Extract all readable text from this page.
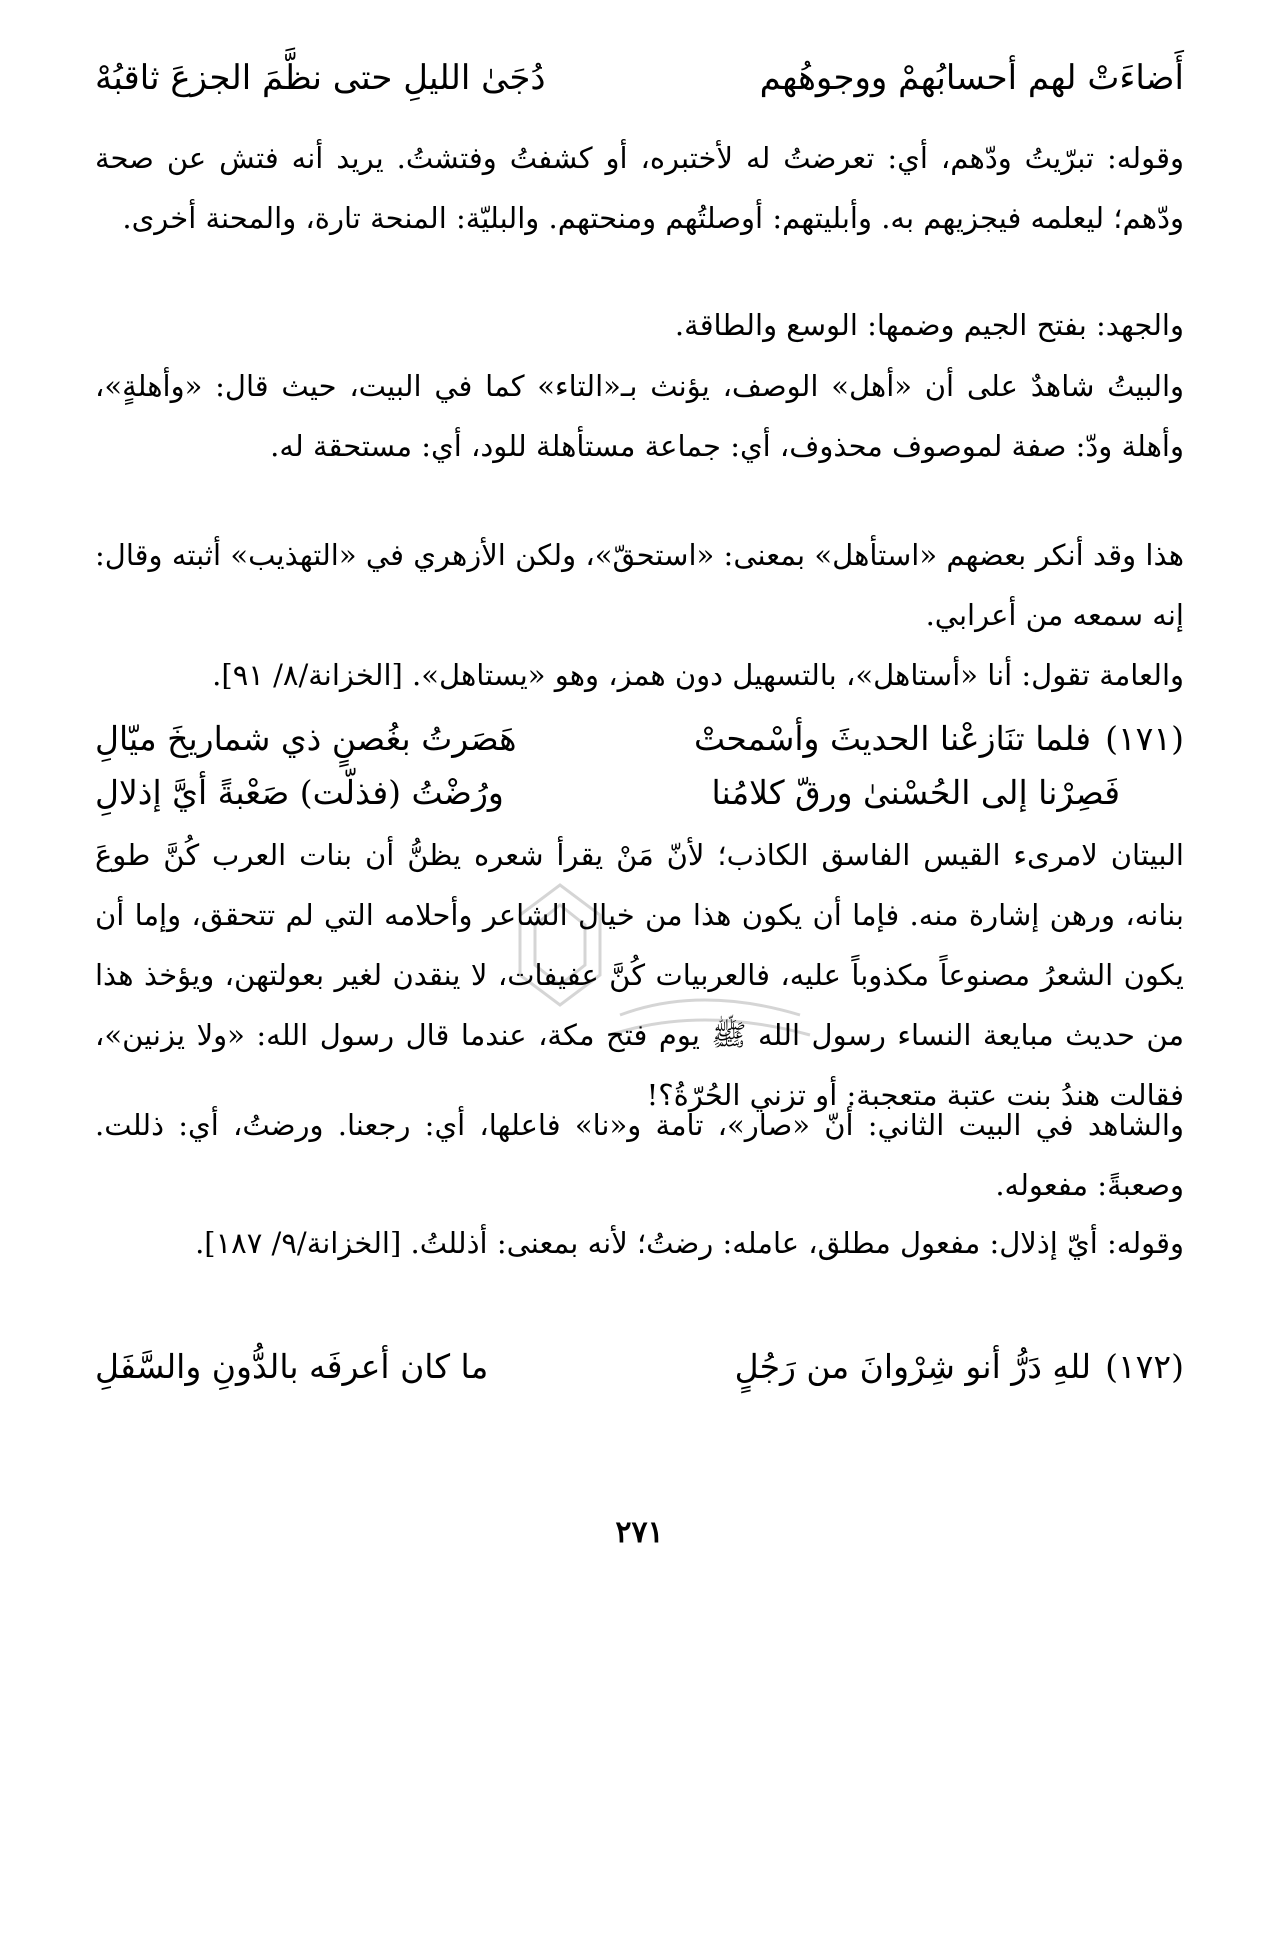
أَضاءَتْ لهم أحسابُهمْ ووجوهُهم
دُجَىٰ الليلِ حتى نظَّمَ الجزعَ ثاقبُهْ
وقوله: تبرّيتُ ودّهم، أي: تعرضتُ له لأختبره، أو كشفتُ وفتشتُ. يريد أنه فتش عن صحة ودّهم؛ ليعلمه فيجزيهم به. وأبليتهم: أوصلتُهم ومنحتهم. والبليّة: المنحة تارة، والمحنة أخرى.
والجهد: بفتح الجيم وضمها: الوسع والطاقة.
والبيتُ شاهدٌ على أن «أهل» الوصف، يؤنث بـ«التاء» كما في البيت، حيث قال: «وأهلةٍ»، وأهلة ودّ: صفة لموصوف محذوف، أي: جماعة مستأهلة للود، أي: مستحقة له.
هذا وقد أنكر بعضهم «استأهل» بمعنى: «استحقّ»، ولكن الأزهري في «التهذيب» أثبته وقال: إنه سمعه من أعرابي.
والعامة تقول: أنا «أستاهل»، بالتسهيل دون همز، وهو «يستاهل». [الخزانة/٨/ ٩١].
(١٧١)
فلما تنَازعْنا الحديثَ وأسْمحتْ
هَصَرتُ بغُصنٍ ذي شماريخَ ميّالِ
فَصِرْنا إلى الحُسْنىٰ ورقّ كلامُنا
ورُضْتُ (فذلّت) صَعْبةً أيَّ إذلالِ
البيتان لامرىء القيس الفاسق الكاذب؛ لأنّ مَنْ يقرأ شعره يظنُّ أن بنات العرب كُنَّ طوعَ بنانه، ورهن إشارة منه. فإما أن يكون هذا من خيال الشاعر وأحلامه التي لم تتحقق، وإما أن يكون الشعرُ مصنوعاً مكذوباً عليه، فالعربيات كُنَّ عفيفات، لا ينقدن لغير بعولتهن، ويؤخذ هذا من حديث مبايعة النساء رسول الله ﷺ يوم فتح مكة، عندما قال رسول الله: «ولا يزنين»، فقالت هندُ بنت عتبة متعجبة: أو تزني الحُرّةُ؟!
والشاهد في البيت الثاني: أنّ «صار»، تامة و«نا» فاعلها، أي: رجعنا. ورضتُ، أي: ذللت. وصعبةً: مفعوله.
وقوله: أيّ إذلال: مفعول مطلق، عامله: رضتُ؛ لأنه بمعنى: أذللتُ. [الخزانة/٩/ ١٨٧].
(١٧٢)
للهِ دَرُّ أنو شِرْوانَ من رَجُلٍ
ما كان أعرفَه بالدُّونِ والسَّفَلِ
٢٧١
